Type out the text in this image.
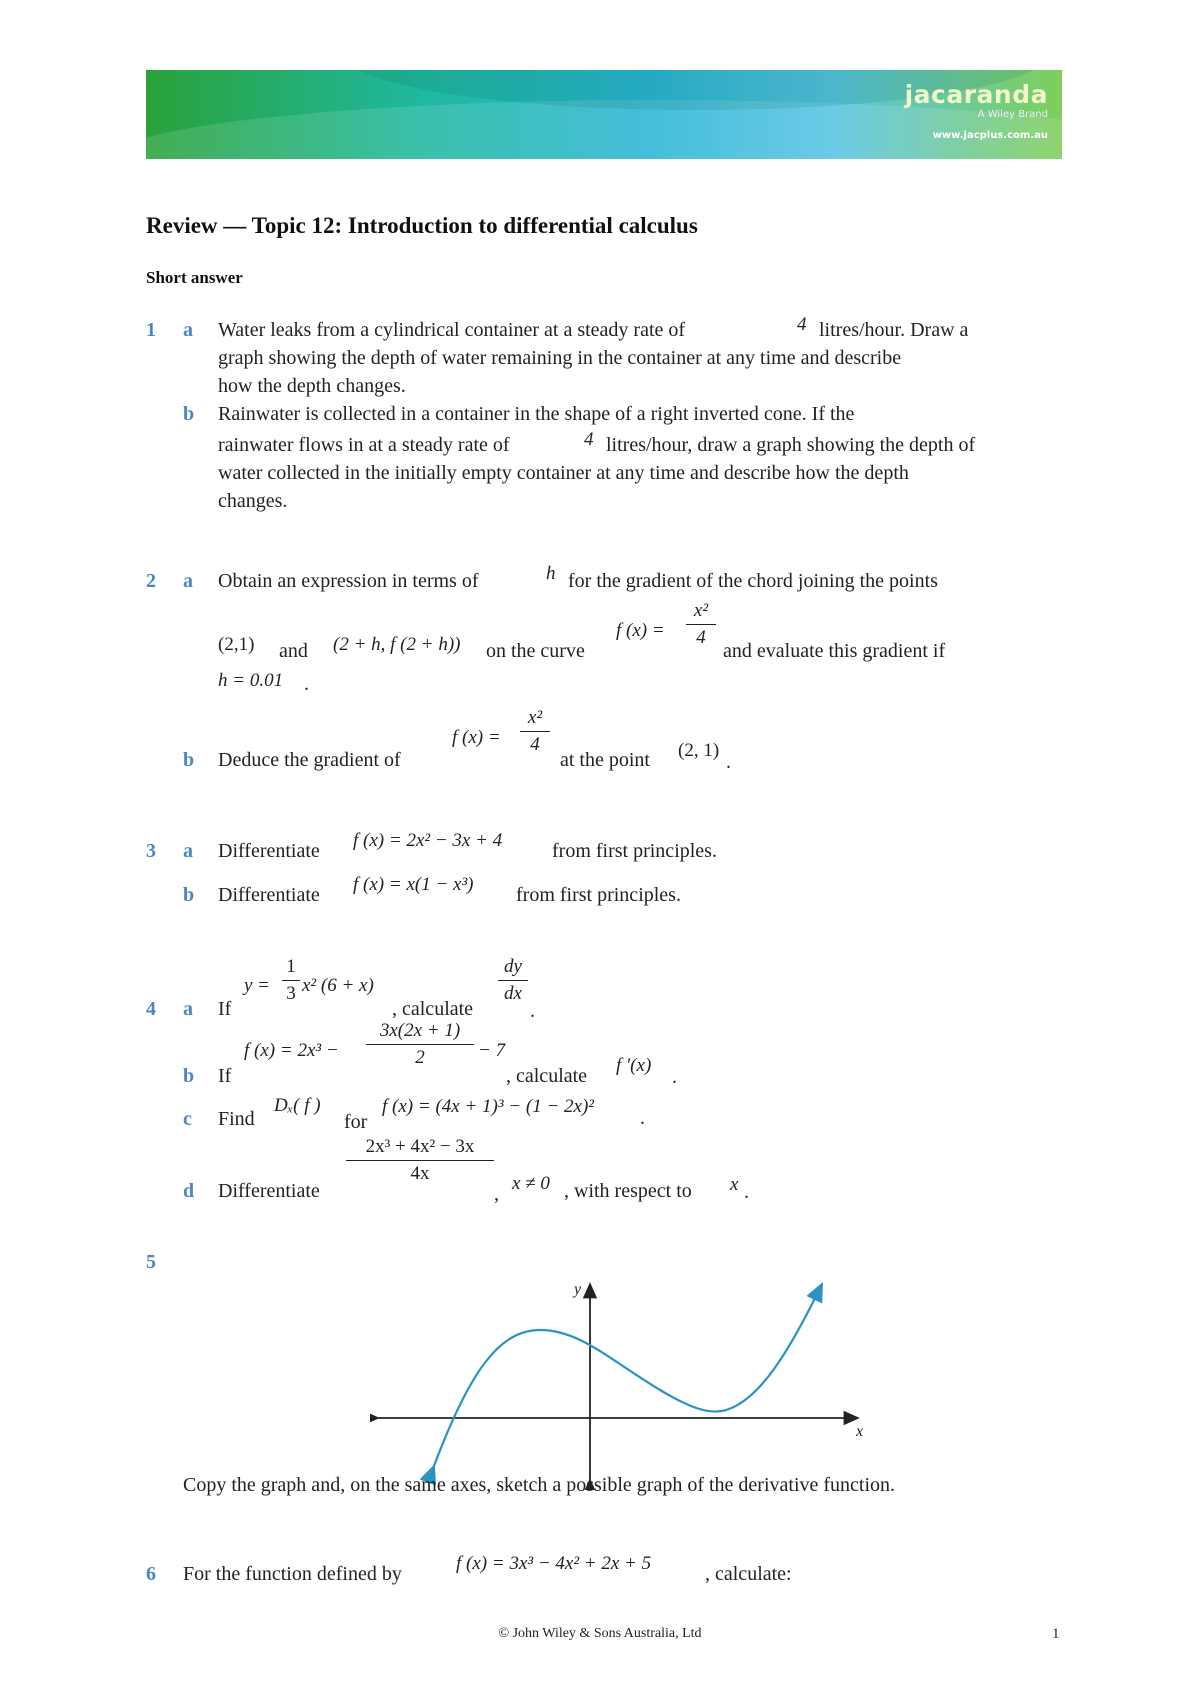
jacaranda
A Wiley Brand
www.jacplus.com.au
Review — Topic 12: Introduction to differential calculus
Short answer
1 a Water leaks from a cylindrical container at a steady rate of	4 litres/hour. Draw a
graph showing the depth of water remaining in the container at any time and describe
how the depth changes.
b Rainwater is collected in a container in the shape of a right inverted cone. If the
rainwater flows in at a steady rate of	4 litres/hour, draw a graph showing the depth of
water collected in the initially empty container at any time and describe how the depth
changes.
2 a Obtain an expression in terms of	h for the gradient of the chord joining the points
(2,1) and (2 + h, f (2 + h)) on the curve
f $(x) = \frac{\text{x²}}{4}$
and evaluate this gradient if
h = 0.01 .
b Deduce the gradient of
f $(x) = \frac{\text{x²}}{4}$
at the point (2, 1)
.
3 a Differentiate f (x) = 2x² − 3x + 4 from first principles.
b Differentiate f (x) = x(1 − x³) from first principles.
4 a If
$y = \frac{1}{3} x^2$ (6 + x)
, calculate
$\frac{dy}{dx}$
.
b If
f $(x) = 2x^3 - \frac{3x(2x + 1)}{2} - 7$
, calculate f ′(x)
.
c Find
Dₓ( f )
for
f (x) = (4x + 1)³ − (1 − 2x)²
.
d Differentiate
$\frac{\text{2x³ + 4x² − 3x}}{4x}$
, x ≠ 0 , with respect to x .
5
y
x
Copy the graph and, on the same axes, sketch a possible graph of the derivative function.
6 For the function defined by	f (x) = 3x³ − 4x² + 2x + 5	, calculate:
© John Wiley & Sons Australia, Ltd	1
